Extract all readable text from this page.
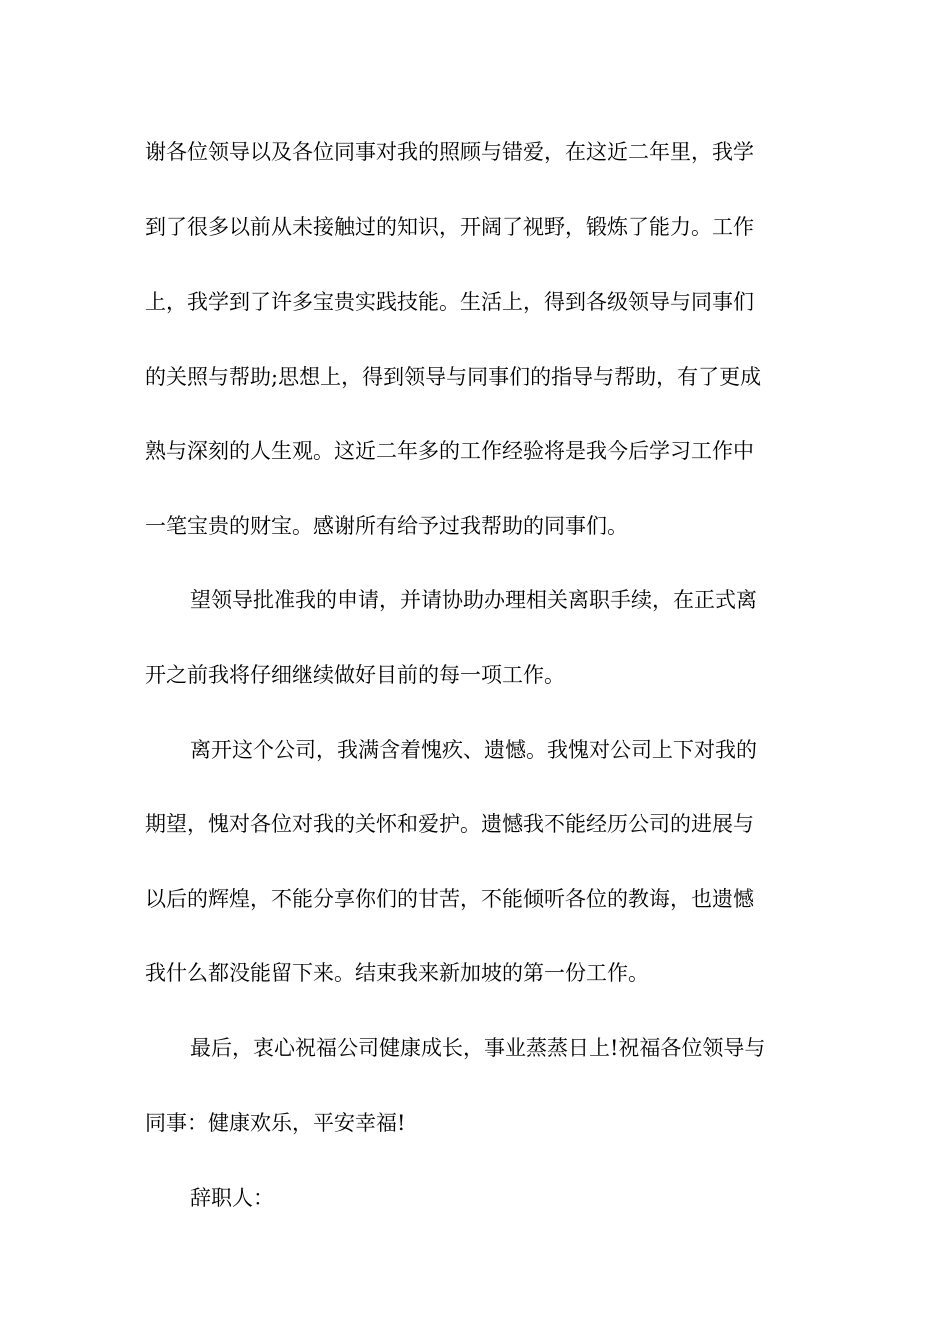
谢各位领导以及各位同事对我的照顾与错爱，在这近二年里，我学

到了很多以前从未接触过的知识，开阔了视野，锻炼了能力。工作

上，我学到了许多宝贵实践技能。生活上，得到各级领导与同事们

的关照与帮助;思想上，得到领导与同事们的指导与帮助，有了更成

熟与深刻的人生观。这近二年多的工作经验将是我今后学习工作中

一笔宝贵的财宝。感谢所有给予过我帮助的同事们。

望领导批准我的申请，并请协助办理相关离职手续，在正式离

开之前我将仔细继续做好目前的每一项工作。

离开这个公司，我满含着愧疚、遗憾。我愧对公司上下对我的

期望，愧对各位对我的关怀和爱护。遗憾我不能经历公司的进展与

以后的辉煌，不能分享你们的甘苦，不能倾听各位的教诲，也遗憾

我什么都没能留下来。结束我来新加坡的第一份工作。

最后，衷心祝福公司健康成长，事业蒸蒸日上!祝福各位领导与

同事：健康欢乐，平安幸福!

辞职人：
